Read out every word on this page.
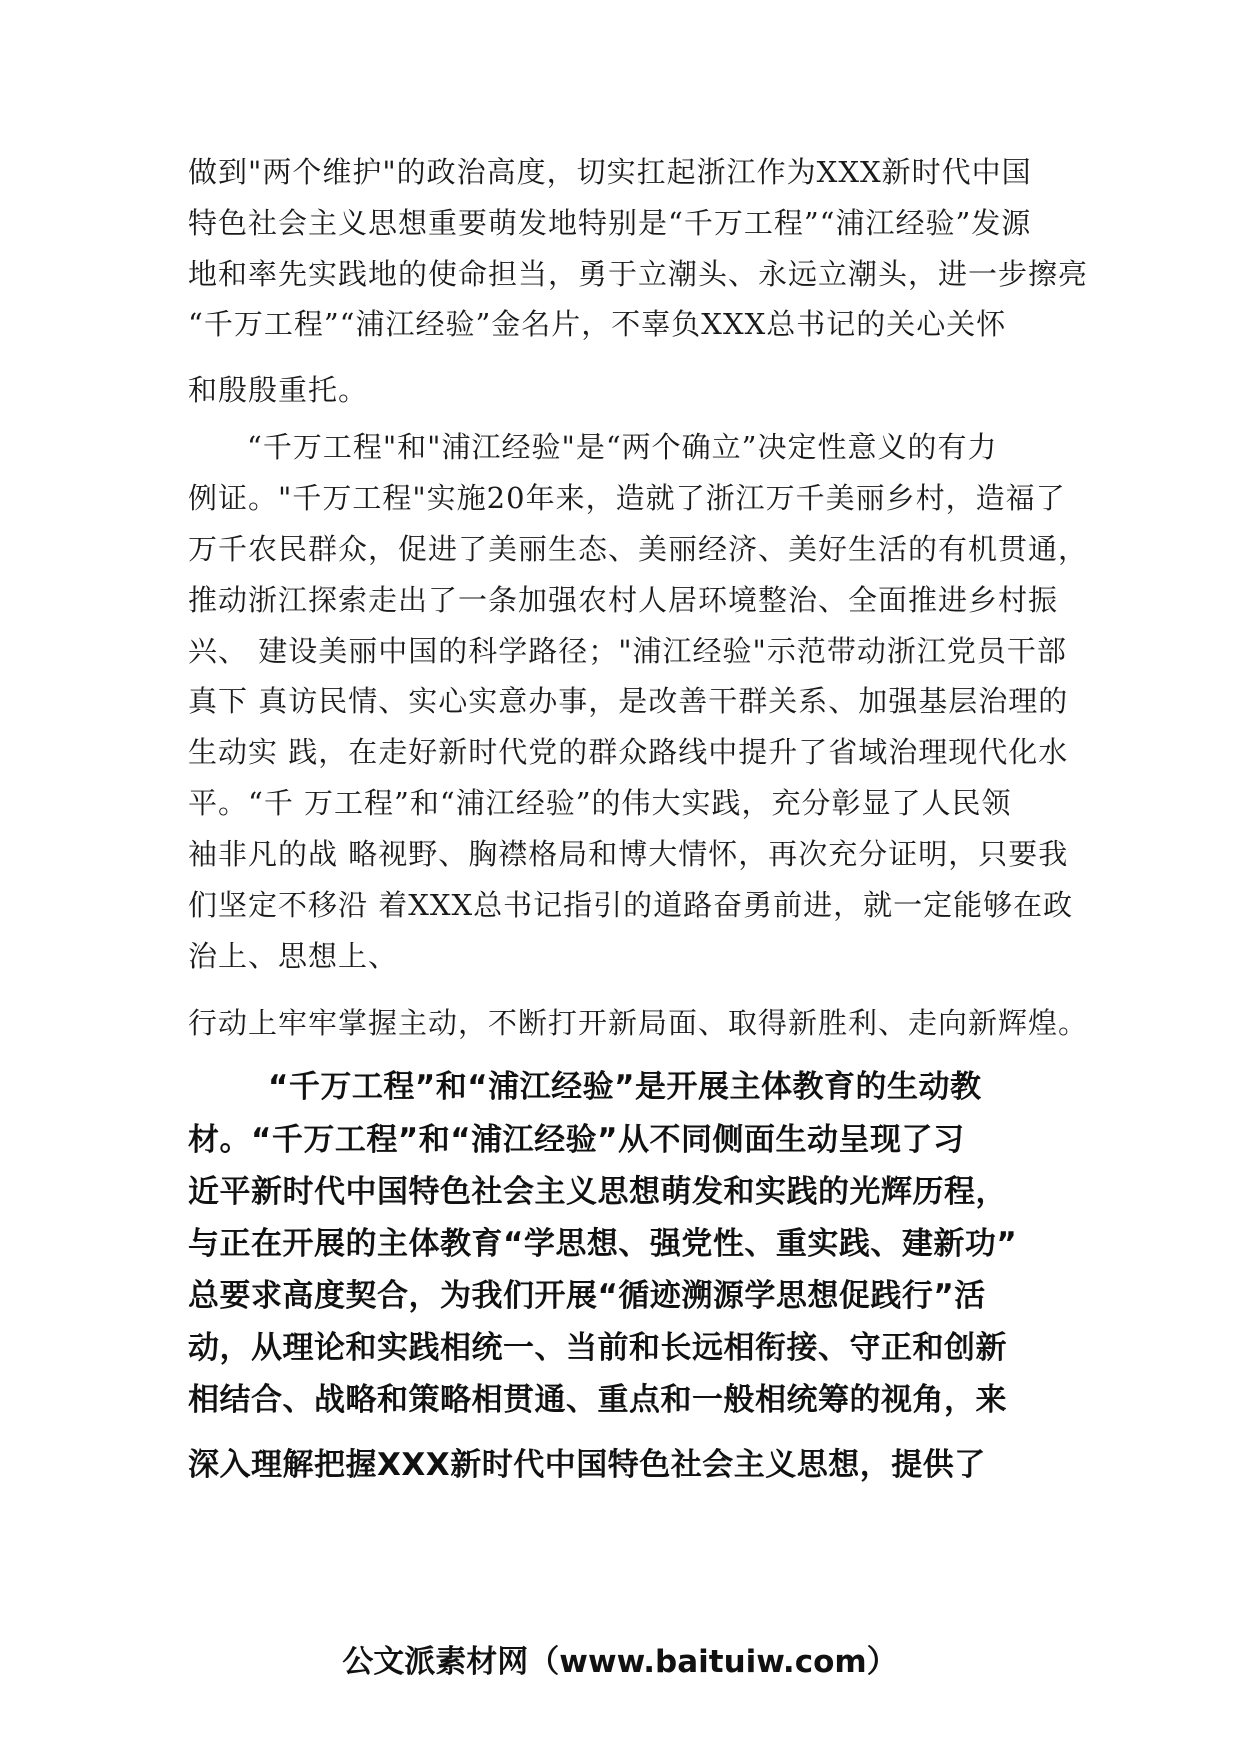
做到"两个维护"的政治高度，切实扛起浙江作为XXX新时代中国
特色社会主义思想重要萌发地特别是“千万工程”“浦江经验”发源
地和率先实践地的使命担当，勇于立潮头、永远立潮头，进一步擦亮
“千万工程”“浦江经验”金名片，不辜负XXX总书记的关心关怀
和殷殷重托。
“千万工程"和"浦江经验"是“两个确立”决定性意义的有力
例证。"千万工程"实施20年来，造就了浙江万千美丽乡村，造福了
万千农民群众，促进了美丽生态、美丽经济、美好生活的有机贯通，
推动浙江探索走出了一条加强农村人居环境整治、全面推进乡村振
兴、 建设美丽中国的科学路径；"浦江经验"示范带动浙江党员干部
真下 真访民情、实心实意办事，是改善干群关系、加强基层治理的
生动实 践，在走好新时代党的群众路线中提升了省域治理现代化水
平。“千 万工程”和“浦江经验”的伟大实践，充分彰显了人民领
袖非凡的战 略视野、胸襟格局和博大情怀，再次充分证明，只要我
们坚定不移沿 着XXX总书记指引的道路奋勇前进，就一定能够在政
治上、思想上、
行动上牢牢掌握主动，不断打开新局面、取得新胜利、走向新辉煌。
“千万工程”和“浦江经验”是开展主体教育的生动教
材。“千万工程”和“浦江经验”从不同侧面生动呈现了习
近平新时代中国特色社会主义思想萌发和实践的光辉历程，
与正在开展的主体教育“学思想、强党性、重实践、建新功”
总要求高度契合，为我们开展“循迹溯源学思想促践行”活
动，从理论和实践相统一、当前和长远相衔接、守正和创新
相结合、战略和策略相贯通、重点和一般相统筹的视角，来
深入理解把握XXX新时代中国特色社会主义思想，提供了
公文派素材网（www.baituiw.com）
